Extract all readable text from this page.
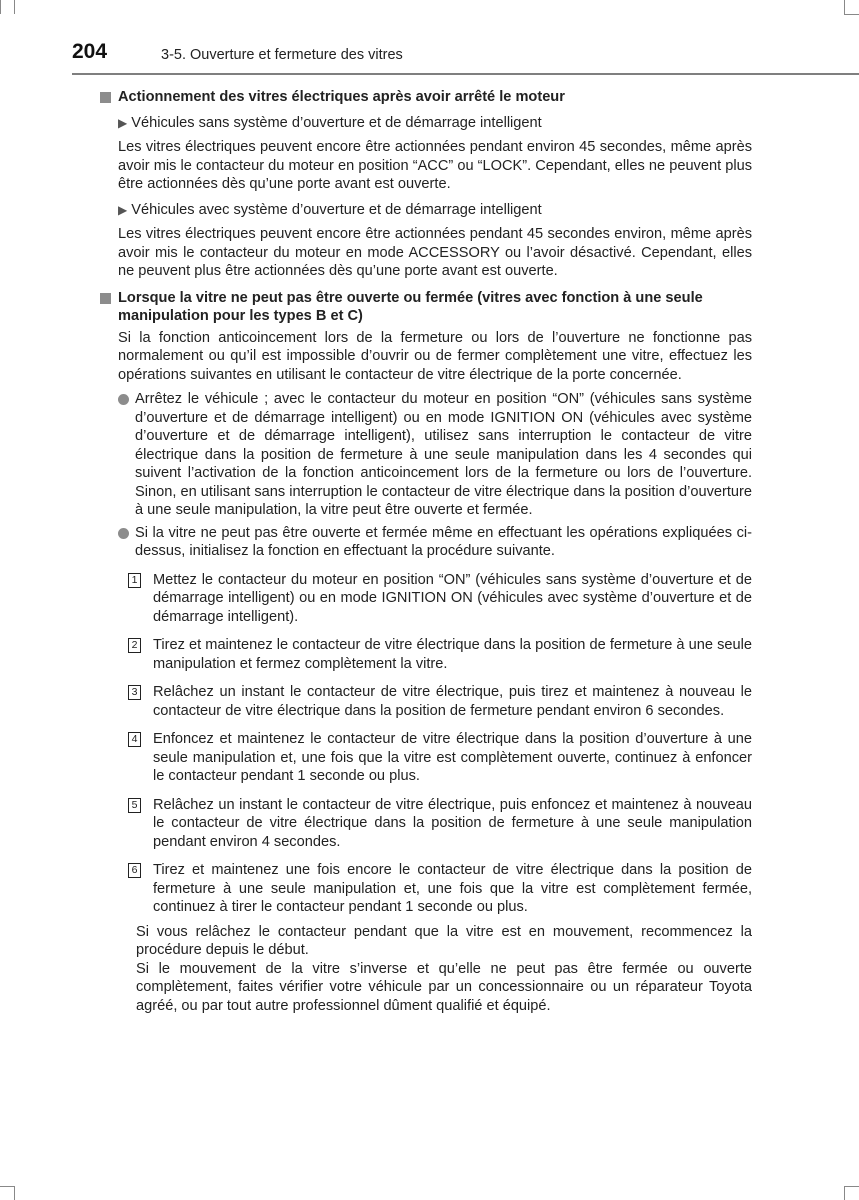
204	3-5. Ouverture et fermeture des vitres
Actionnement des vitres électriques après avoir arrêté le moteur
▶ Véhicules sans système d’ouverture et de démarrage intelligent
Les vitres électriques peuvent encore être actionnées pendant environ 45 secondes, même après avoir mis le contacteur du moteur en position “ACC” ou “LOCK”. Cependant, elles ne peuvent plus être actionnées dès qu’une porte avant est ouverte.
▶ Véhicules avec système d’ouverture et de démarrage intelligent
Les vitres électriques peuvent encore être actionnées pendant 45 secondes environ, même après avoir mis le contacteur du moteur en mode ACCESSORY ou l’avoir désactivé. Cependant, elles ne peuvent plus être actionnées dès qu’une porte avant est ouverte.
Lorsque la vitre ne peut pas être ouverte ou fermée (vitres avec fonction à une seule manipulation pour les types B et C)
Si la fonction anticoincement lors de la fermeture ou lors de l’ouverture ne fonctionne pas normalement ou qu’il est impossible d’ouvrir ou de fermer complètement une vitre, effectuez les opérations suivantes en utilisant le contacteur de vitre électrique de la porte concernée.
Arrêtez le véhicule ; avec le contacteur du moteur en position “ON” (véhicules sans système d’ouverture et de démarrage intelligent) ou en mode IGNITION ON (véhicules avec système d’ouverture et de démarrage intelligent), utilisez sans interruption le contacteur de vitre électrique dans la position de fermeture à une seule manipulation dans les 4 secondes qui suivent l’activation de la fonction anticoincement lors de la fermeture ou lors de l’ouverture. Sinon, en utilisant sans interruption le contacteur de vitre électrique dans la position d’ouverture à une seule manipulation, la vitre peut être ouverte et fermée.
Si la vitre ne peut pas être ouverte et fermée même en effectuant les opérations expliquées ci-dessus, initialisez la fonction en effectuant la procédure suivante.
1 Mettez le contacteur du moteur en position “ON” (véhicules sans système d’ouverture et de démarrage intelligent) ou en mode IGNITION ON (véhicules avec système d’ouverture et de démarrage intelligent).
2 Tirez et maintenez le contacteur de vitre électrique dans la position de fermeture à une seule manipulation et fermez complètement la vitre.
3 Relâchez un instant le contacteur de vitre électrique, puis tirez et maintenez à nouveau le contacteur de vitre électrique dans la position de fermeture pendant environ 6 secondes.
4 Enfoncez et maintenez le contacteur de vitre électrique dans la position d’ouverture à une seule manipulation et, une fois que la vitre est complètement ouverte, continuez à enfoncer le contacteur pendant 1 seconde ou plus.
5 Relâchez un instant le contacteur de vitre électrique, puis enfoncez et maintenez à nouveau le contacteur de vitre électrique dans la position de fermeture à une seule manipulation pendant environ 4 secondes.
6 Tirez et maintenez une fois encore le contacteur de vitre électrique dans la position de fermeture à une seule manipulation et, une fois que la vitre est complètement fermée, continuez à tirer le contacteur pendant 1 seconde ou plus.
Si vous relâchez le contacteur pendant que la vitre est en mouvement, recommencez la procédure depuis le début.
Si le mouvement de la vitre s’inverse et qu’elle ne peut pas être fermée ou ouverte complètement, faites vérifier votre véhicule par un concessionnaire ou un réparateur Toyota agréé, ou par tout autre professionnel dûment qualifié et équipé.
